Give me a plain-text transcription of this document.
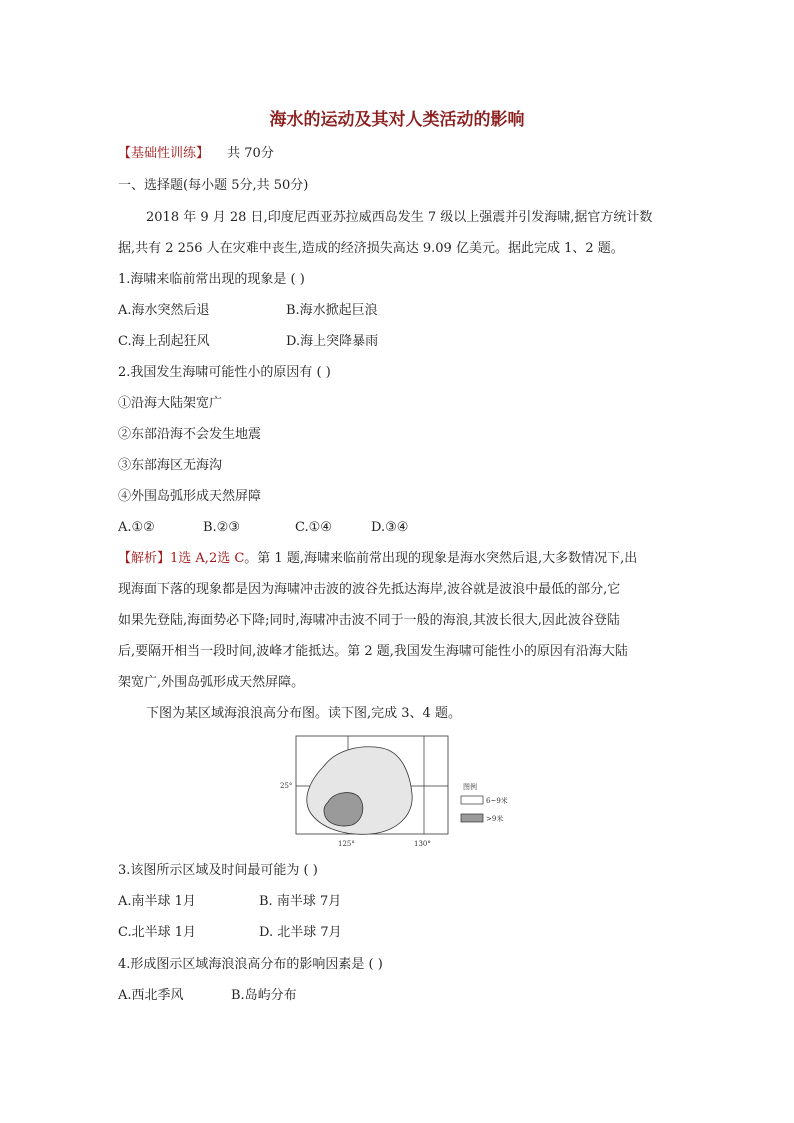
海水的运动及其对人类活动的影响
【基础性训练】 共 70分
一、选择题(每小题 5分,共 50分)
2018 年 9 月 28 日,印度尼西亚苏拉威西岛发生 7 级以上强震并引发海啸,据官方统计数
据,共有 2 256 人在灾难中丧生,造成的经济损失高达 9.09 亿美元。据此完成 1、2 题。
1.海啸来临前常出现的现象是 ( )
A.海水突然后退	B.海水掀起巨浪
C.海上刮起狂风	D.海上突降暴雨
2.我国发生海啸可能性小的原因有 ( )
①沿海大陆架宽广
②东部沿海不会发生地震
③东部海区无海沟
④外围岛弧形成天然屏障
A.①②	B.②③	C.①④	D.③④
【解析】1选 A,2选 C。第 1 题,海啸来临前常出现的现象是海水突然后退,大多数情况下,出
现海面下落的现象都是因为海啸冲击波的波谷先抵达海岸,波谷就是波浪中最低的部分,它
如果先登陆,海面势必下降;同时,海啸冲击波不同于一般的海浪,其波长很大,因此波谷登陆
后,要隔开相当一段时间,波峰才能抵达。第 2 题,我国发生海啸可能性小的原因有沿海大陆
架宽广,外围岛弧形成天然屏障。
下图为某区域海浪浪高分布图。读下图,完成 3、4 题。
25°
125°	130°
图例
6~9米
>9米
3.该图所示区域及时间最可能为 ( )
A.南半球 1月	B. 南半球 7月
C.北半球 1月	D. 北半球 7月
4.形成图示区域海浪浪高分布的影响因素是 ( )
A.西北季风	B.岛屿分布
